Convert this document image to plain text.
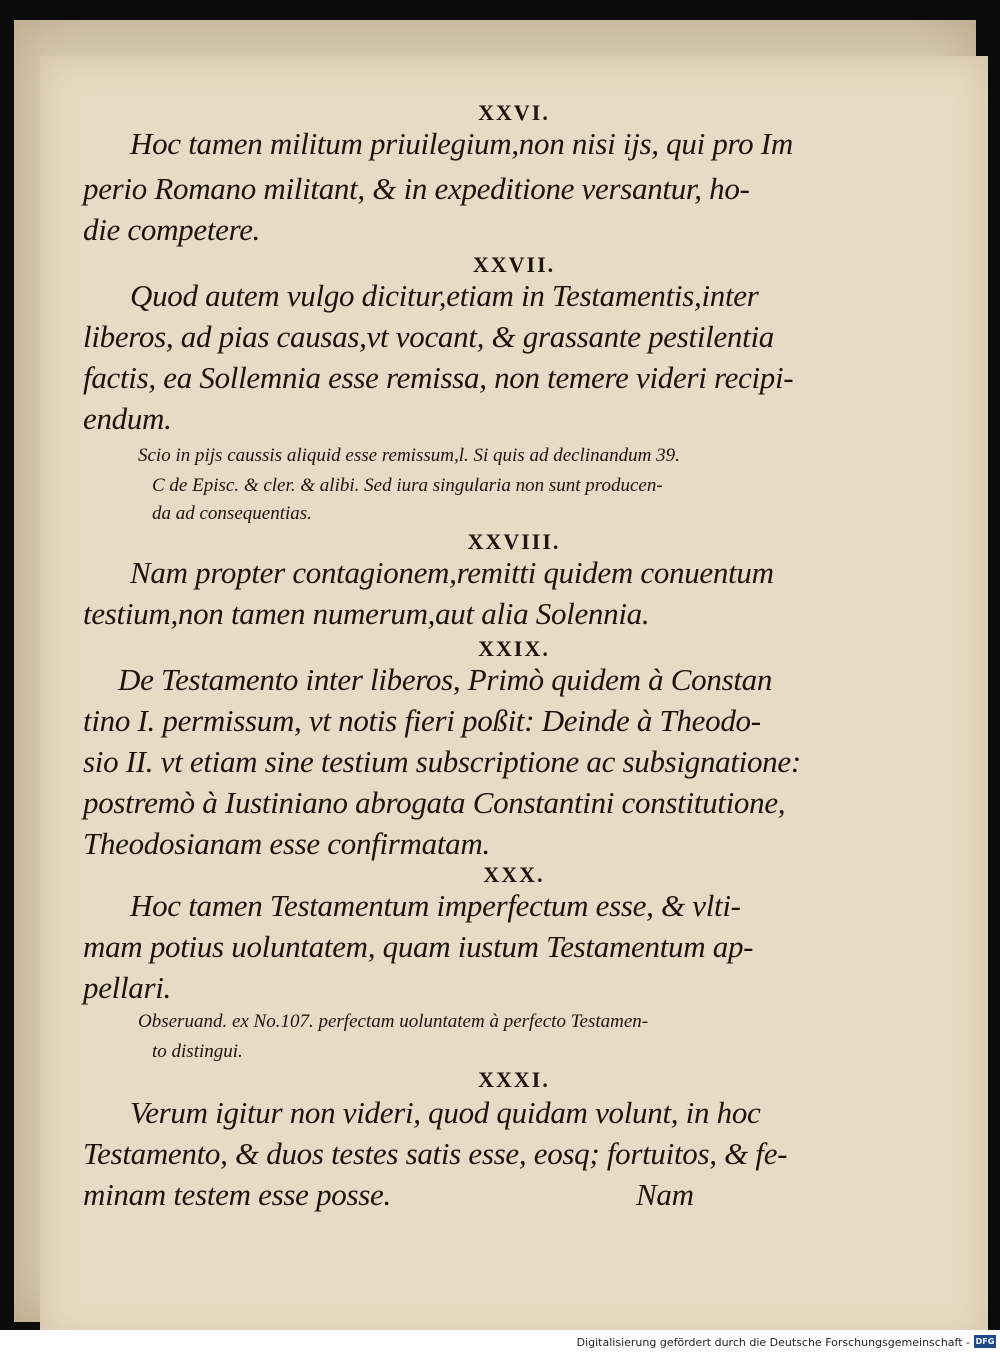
XXVI.
Hoc tamen militum priuilegium,non nisi ijs, qui pro Im
perio Romano militant, & in expeditione versantur, ho-
die competere.
XXVII.
Quod autem vulgo dicitur,etiam in Testamentis,inter
liberos, ad pias causas,vt vocant, & grassante pestilentia
factis, ea Sollemnia esse remissa, non temere videri recipi-
endum.
Scio in pijs caussis aliquid esse remissum,l. Si quis ad declinandum 39.
C de Episc. & cler. & alibi. Sed iura singularia non sunt producen-
da ad consequentias.
XXVIII.
Nam propter contagionem,remitti quidem conuentum
testium,non tamen numerum,aut alia Solennia.
XXIX.
De Testamento inter liberos, Primò quidem à Constan
tino I. permissum, vt notis fieri poßit: Deinde à Theodo-
sio II. vt etiam sine testium subscriptione ac subsignatione:
postremò à Iustiniano abrogata Constantini constitutione,
Theodosianam esse confirmatam.
XXX.
Hoc tamen Testamentum imperfectum esse, & vlti-
mam potius uoluntatem, quam iustum Testamentum ap-
pellari.
Obseruand. ex No.107. perfectam uoluntatem à perfecto Testamen-
to distingui.
XXXI.
Verum igitur non videri, quod quidam volunt, in hoc
Testamento, & duos testes satis esse, eosq; fortuitos, & fe-
minam testem esse posse.	Nam
Digitalisierung gefördert durch die Deutsche Forschungsgemeinschaft - DFG
